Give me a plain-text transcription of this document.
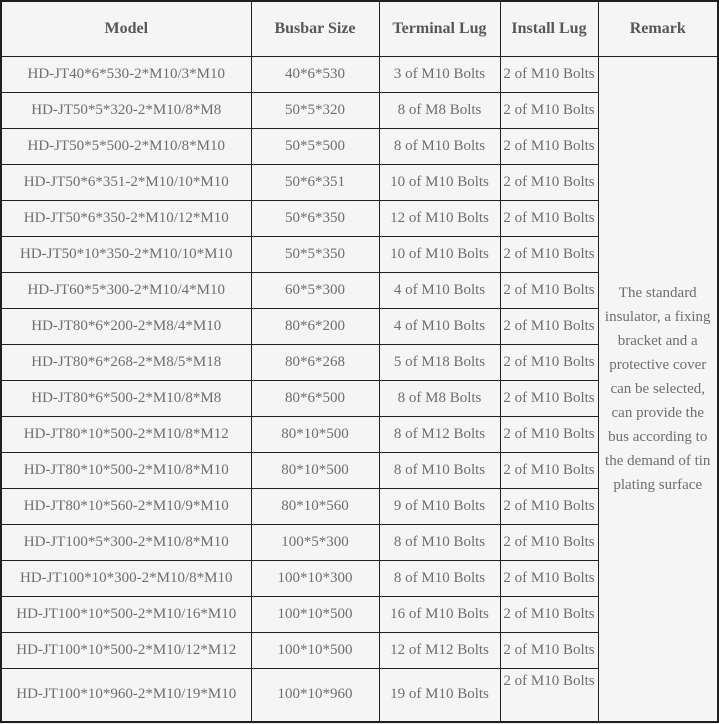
Model	Busbar Size	Terminal Lug	Install Lug	Remark
HD-JT40*6*530-2*M10/3*M10	40*6*530	3 of M10 Bolts	2 of M10 Bolts	The standard insulator, a fixing bracket and a protective cover can be selected, can provide the bus according to the demand of tin plating surface
HD-JT50*5*320-2*M10/8*M8	50*5*320	8 of M8 Bolts	2 of M10 Bolts	
HD-JT50*5*500-2*M10/8*M10	50*5*500	8 of M10 Bolts	2 of M10 Bolts	
HD-JT50*6*351-2*M10/10*M10	50*6*351	10 of M10 Bolts	2 of M10 Bolts	
HD-JT50*6*350-2*M10/12*M10	50*6*350	12 of M10 Bolts	2 of M10 Bolts	
HD-JT50*10*350-2*M10/10*M10	50*5*350	10 of M10 Bolts	2 of M10 Bolts	
HD-JT60*5*300-2*M10/4*M10	60*5*300	4 of M10 Bolts	2 of M10 Bolts	
HD-JT80*6*200-2*M8/4*M10	80*6*200	4 of M10 Bolts	2 of M10 Bolts	
HD-JT80*6*268-2*M8/5*M18	80*6*268	5 of M18 Bolts	2 of M10 Bolts	
HD-JT80*6*500-2*M10/8*M8	80*6*500	8 of M8 Bolts	2 of M10 Bolts	
HD-JT80*10*500-2*M10/8*M12	80*10*500	8 of M12 Bolts	2 of M10 Bolts	
HD-JT80*10*500-2*M10/8*M10	80*10*500	8 of M10 Bolts	2 of M10 Bolts	
HD-JT80*10*560-2*M10/9*M10	80*10*560	9 of M10 Bolts	2 of M10 Bolts	
HD-JT100*5*300-2*M10/8*M10	100*5*300	8 of M10 Bolts	2 of M10 Bolts	
HD-JT100*10*300-2*M10/8*M10	100*10*300	8 of M10 Bolts	2 of M10 Bolts	
HD-JT100*10*500-2*M10/16*M10	100*10*500	16 of M10 Bolts	2 of M10 Bolts	
HD-JT100*10*500-2*M10/12*M12	100*10*500	12 of M12 Bolts	2 of M10 Bolts	
HD-JT100*10*960-2*M10/19*M10	100*10*960	19 of M10 Bolts	2 of M10 Bolts	
